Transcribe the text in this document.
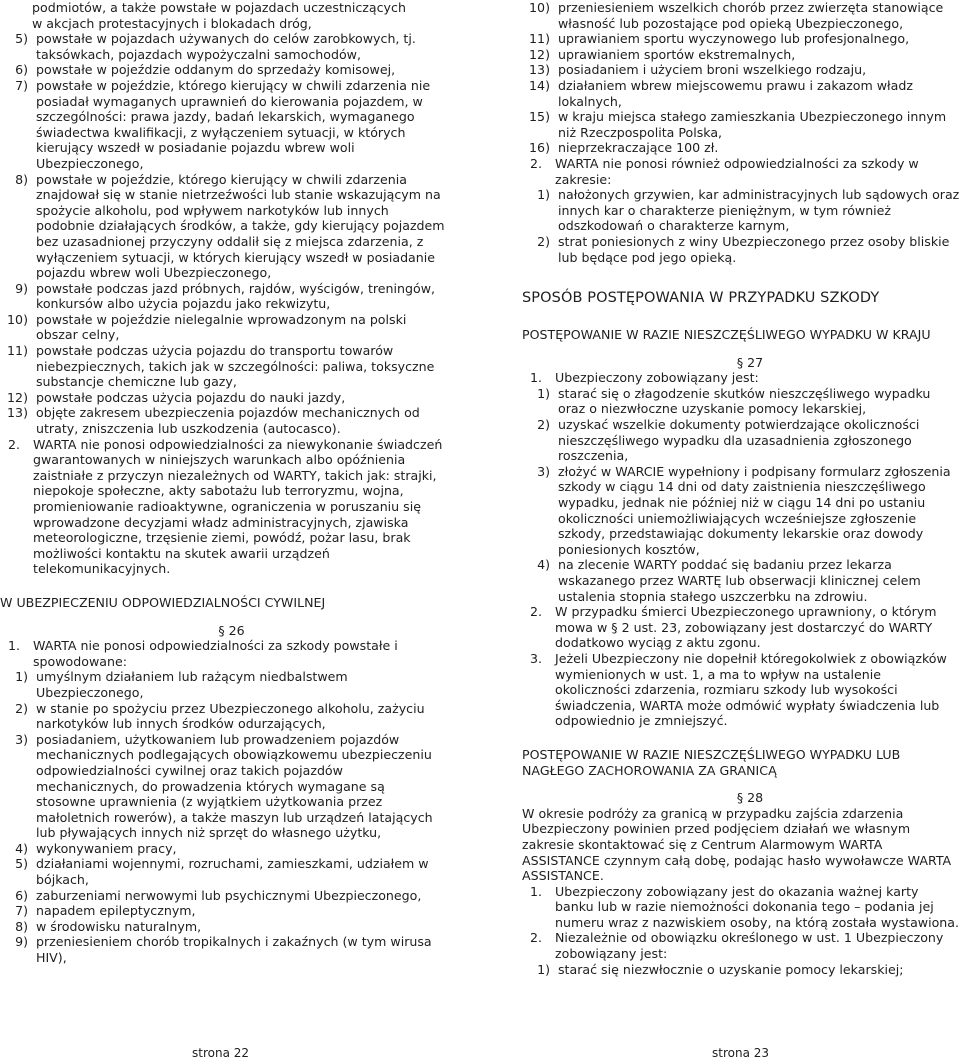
podmiotów, a także powstałe w pojazdach uczestniczących

w akcjach protestacyjnych i blokadach dróg,

5) powstałe w pojazdach używanych do celów zarobkowych, tj. taksówkach, pojazdach wypożyczalni samochodów,
6) powstałe w pojeździe oddanym do sprzedaży komisowej,
7) powstałe w pojeździe, którego kierujący w chwili zdarzenia nie posiadał wymaganych uprawnień do kierowania pojazdem, w szczególności: prawa jazdy, badań lekarskich, wymaganego świadectwa kwalifikacji, z wyłączeniem sytuacji, w których kierujący wszedł w posiadanie pojazdu wbrew woli Ubezpieczonego,
8) powstałe w pojeździe, którego kierujący w chwili zdarzenia znajdował się w stanie nietrzeźwości lub stanie wskazującym na spożycie alkoholu, pod wpływem narkotyków lub innych podobnie działających środków, a także, gdy kierujący pojazdem bez uzasadnionej przyczyny oddalił się z miejsca zdarzenia, z wyłączeniem sytuacji, w których kierujący wszedł w posiadanie pojazdu wbrew woli Ubezpieczonego,
9) powstałe podczas jazd próbnych, rajdów, wyścigów, treningów, konkursów albo użycia pojazdu jako rekwizytu,
10) powstałe w pojeździe nielegalnie wprowadzonym na polski obszar celny,
11) powstałe podczas użycia pojazdu do transportu towarów niebezpiecznych, takich jak w szczególności: paliwa, toksyczne substancje chemiczne lub gazy,
12) powstałe podczas użycia pojazdu do nauki jazdy,
13) objęte zakresem ubezpieczenia pojazdów mechanicznych od utraty, zniszczenia lub uszkodzenia (autocasco).
2. WARTA nie ponosi odpowiedzialności za niewykonanie świadczeń gwarantowanych w niniejszych warunkach albo opóźnienia zaistniałe z przyczyn niezależnych od WARTY, takich jak: strajki, niepokoje społeczne, akty sabotażu lub terroryzmu, wojna, promieniowanie radioaktywne, ograniczenia w poruszaniu się wprowadzone decyzjami władz administracyjnych, zjawiska meteorologiczne, trzęsienie ziemi, powódź, pożar lasu, brak możliwości kontaktu na skutek awarii urządzeń telekomunikacyjnych.
W UBEZPIECZENIU ODPOWIEDZIALNOŚCI CYWILNEJ
§ 26
1. WARTA nie ponosi odpowiedzialności za szkody powstałe i spowodowane:
1) umyślnym działaniem lub rażącym niedbalstwem Ubezpieczonego,
2) w stanie po spożyciu przez Ubezpieczonego alkoholu, zażyciu narkotyków lub innych środków odurzających,
3) posiadaniem, użytkowaniem lub prowadzeniem pojazdów mechanicznych podlegających obowiązkowemu ubezpieczeniu odpowiedzialności cywilnej oraz takich pojazdów mechanicznych, do prowadzenia których wymagane są stosowne uprawnienia (z wyjątkiem użytkowania przez małoletnich rowerów), a także maszyn lub urządzeń latających lub pływających innych niż sprzęt do własnego użytku,
4) wykonywaniem pracy,
5) działaniami wojennymi, rozruchami, zamieszkami, udziałem w bójkach,
6) zaburzeniami nerwowymi lub psychicznymi Ubezpieczonego,
7) napadem epileptycznym,
8) w środowisku naturalnym,
9) przeniesieniem chorób tropikalnych i zakaźnych (w tym wirusa HIV),
10) przeniesieniem wszelkich chorób przez zwierzęta stanowiące własność lub pozostające pod opieką Ubezpieczonego,
11) uprawianiem sportu wyczynowego lub profesjonalnego,
12) uprawianiem sportów ekstremalnych,
13) posiadaniem i użyciem broni wszelkiego rodzaju,
14) działaniem wbrew miejscowemu prawu i zakazom władz lokalnych,
15) w kraju miejsca stałego zamieszkania Ubezpieczonego innym niż Rzeczpospolita Polska,
16) nieprzekraczające 100 zł.
2. WARTA nie ponosi również odpowiedzialności za szkody w zakresie:
1) nałożonych grzywien, kar administracyjnych lub sądowych oraz innych kar o charakterze pieniężnym, w tym również odszkodowań o charakterze karnym,
2) strat poniesionych z winy Ubezpieczonego przez osoby bliskie lub będące pod jego opieką.
SPOSÓB POSTĘPOWANIA W PRZYPADKU SZKODY
POSTĘPOWANIE W RAZIE NIESZCZĘŚLIWEGO WYPADKU W KRAJU
§ 27
1. Ubezpieczony zobowiązany jest:
1) starać się o złagodzenie skutków nieszczęśliwego wypadku oraz o niezwłoczne uzyskanie pomocy lekarskiej,
2) uzyskać wszelkie dokumenty potwierdzające okoliczności nieszczęśliwego wypadku dla uzasadnienia zgłoszonego roszczenia,
3) złożyć w WARCIE wypełniony i podpisany formularz zgłoszenia szkody w ciągu 14 dni od daty zaistnienia nieszczęśliwego wypadku, jednak nie później niż w ciągu 14 dni po ustaniu okoliczności uniemożliwiających wcześniejsze zgłoszenie szkody, przedstawiając dokumenty lekarskie oraz dowody poniesionych kosztów,
4) na zlecenie WARTY poddać się badaniu przez lekarza wskazanego przez WARTĘ lub obserwacji klinicznej celem ustalenia stopnia stałego uszczerbku na zdrowiu.
2. W przypadku śmierci Ubezpieczonego uprawniony, o którym mowa w § 2 ust. 23, zobowiązany jest dostarczyć do WARTY dodatkowo wyciąg z aktu zgonu.
3. Jeżeli Ubezpieczony nie dopełnił któregokolwiek z obowiązków wymienionych w ust. 1, a ma to wpływ na ustalenie okoliczności zdarzenia, rozmiaru szkody lub wysokości świadczenia, WARTA może odmówić wypłaty świadczenia lub odpowiednio je zmniejszyć.
POSTĘPOWANIE W RAZIE NIESZCZĘŚLIWEGO WYPADKU LUB NAGŁEGO ZACHOROWANIA ZA GRANICĄ
§ 28

W okresie podróży za granicą w przypadku zajścia zdarzenia Ubezpieczony powinien przed podjęciem działań we własnym zakresie skontaktować się z Centrum Alarmowym WARTA ASSISTANCE czynnym całą dobę, podając hasło wywoławcze WARTA ASSISTANCE.

1. Ubezpieczony zobowiązany jest do okazania ważnej karty banku lub w razie niemożności dokonania tego – podania jej numeru wraz z nazwiskiem osoby, na którą została wystawiona.
2. Niezależnie od obowiązku określonego w ust. 1 Ubezpieczony zobowiązany jest:
1) starać się niezwłocznie o uzyskanie pomocy lekarskiej;
strona 22	strona 23
